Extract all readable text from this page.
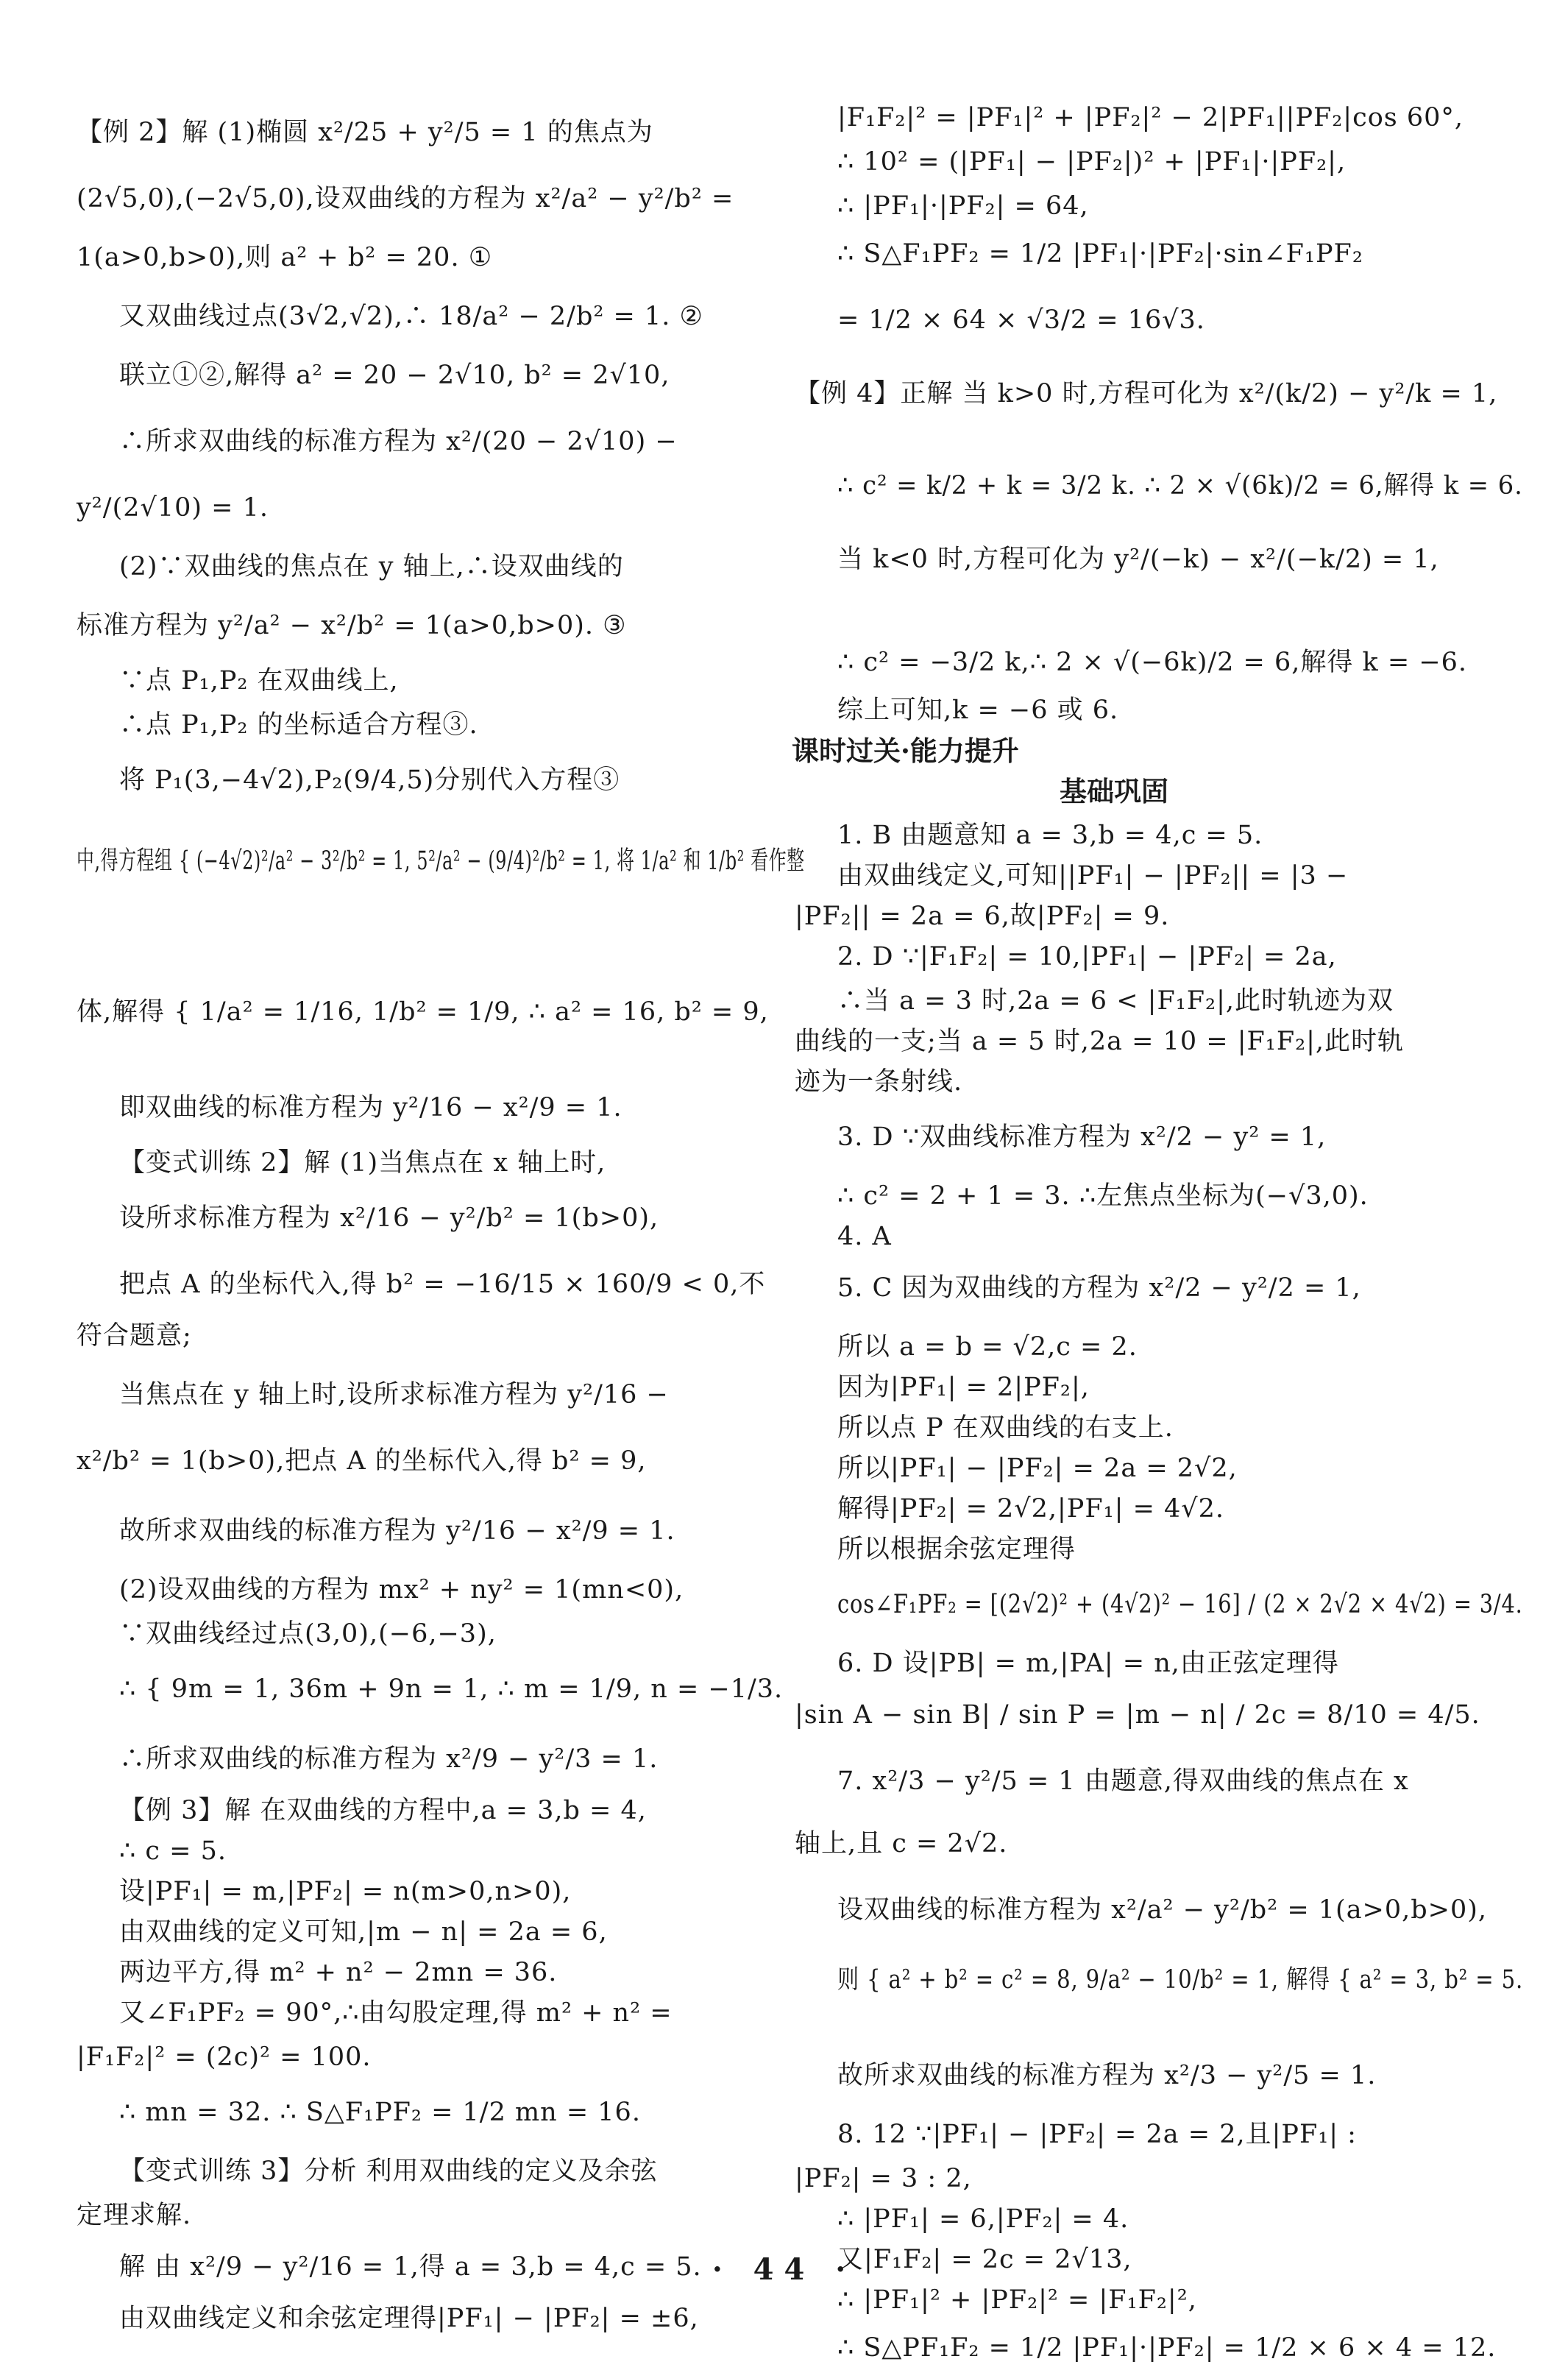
【例 2】解 (1)椭圆 x²/25 + y²/5 = 1 的焦点为
(2√5,0),(−2√5,0),设双曲线的方程为 x²/a² − y²/b² =
1(a>0,b>0),则 a² + b² = 20. ①
又双曲线过点(3√2,√2),∴ 18/a² − 2/b² = 1. ②
联立①②,解得 a² = 20 − 2√10, b² = 2√10,
∴所求双曲线的标准方程为 x²/(20 − 2√10) −
y²/(2√10) = 1.
(2)∵双曲线的焦点在 y 轴上,∴设双曲线的
标准方程为 y²/a² − x²/b² = 1(a>0,b>0). ③
∵点 P₁,P₂ 在双曲线上,
∴点 P₁,P₂ 的坐标适合方程③.
将 P₁(3,−4√2),P₂(9/4,5)分别代入方程③
中,得方程组 { (−4√2)²/a² − 3²/b² = 1, 5²/a² − (9/4)²/b² = 1, 将 1/a² 和 1/b² 看作整
体,解得 { 1/a² = 1/16, 1/b² = 1/9, ∴ a² = 16, b² = 9,
即双曲线的标准方程为 y²/16 − x²/9 = 1.
【变式训练 2】解 (1)当焦点在 x 轴上时,
设所求标准方程为 x²/16 − y²/b² = 1(b>0),
把点 A 的坐标代入,得 b² = −16/15 × 160/9 < 0,不
符合题意;
当焦点在 y 轴上时,设所求标准方程为 y²/16 −
x²/b² = 1(b>0),把点 A 的坐标代入,得 b² = 9,
故所求双曲线的标准方程为 y²/16 − x²/9 = 1.
(2)设双曲线的方程为 mx² + ny² = 1(mn<0),
∵双曲线经过点(3,0),(−6,−3),
∴ { 9m = 1, 36m + 9n = 1, ∴ m = 1/9, n = −1/3.
∴所求双曲线的标准方程为 x²/9 − y²/3 = 1.
【例 3】解 在双曲线的方程中,a = 3,b = 4,
∴ c = 5.
设|PF₁| = m,|PF₂| = n(m>0,n>0),
由双曲线的定义可知,|m − n| = 2a = 6,
两边平方,得 m² + n² − 2mn = 36.
又∠F₁PF₂ = 90°,∴由勾股定理,得 m² + n² =
|F₁F₂|² = (2c)² = 100.
∴ mn = 32. ∴ S△F₁PF₂ = 1/2 mn = 16.
【变式训练 3】分析 利用双曲线的定义及余弦
定理求解.
解 由 x²/9 − y²/16 = 1,得 a = 3,b = 4,c = 5.
由双曲线定义和余弦定理得|PF₁| − |PF₂| = ±6,
|F₁F₂|² = |PF₁|² + |PF₂|² − 2|PF₁||PF₂|cos 60°,
∴ 10² = (|PF₁| − |PF₂|)² + |PF₁|·|PF₂|,
∴ |PF₁|·|PF₂| = 64,
∴ S△F₁PF₂ = 1/2 |PF₁|·|PF₂|·sin∠F₁PF₂
= 1/2 × 64 × √3/2 = 16√3.
【例 4】正解 当 k>0 时,方程可化为 x²/(k/2) − y²/k = 1,
∴ c² = k/2 + k = 3/2 k. ∴ 2 × √(6k)/2 = 6,解得 k = 6.
当 k<0 时,方程可化为 y²/(−k) − x²/(−k/2) = 1,
∴ c² = −3/2 k,∴ 2 × √(−6k)/2 = 6,解得 k = −6.
综上可知,k = −6 或 6.
课时过关·能力提升
基础巩固
1. B 由题意知 a = 3,b = 4,c = 5.
由双曲线定义,可知||PF₁| − |PF₂|| = |3 −
|PF₂|| = 2a = 6,故|PF₂| = 9.
2. D ∵|F₁F₂| = 10,|PF₁| − |PF₂| = 2a,
∴当 a = 3 时,2a = 6 < |F₁F₂|,此时轨迹为双
曲线的一支;当 a = 5 时,2a = 10 = |F₁F₂|,此时轨
迹为一条射线.
3. D ∵双曲线标准方程为 x²/2 − y² = 1,
∴ c² = 2 + 1 = 3. ∴左焦点坐标为(−√3,0).
4. A
5. C 因为双曲线的方程为 x²/2 − y²/2 = 1,
所以 a = b = √2,c = 2.
因为|PF₁| = 2|PF₂|,
所以点 P 在双曲线的右支上.
所以|PF₁| − |PF₂| = 2a = 2√2,
解得|PF₂| = 2√2,|PF₁| = 4√2.
所以根据余弦定理得
cos∠F₁PF₂ = [(2√2)² + (4√2)² − 16] / (2 × 2√2 × 4√2) = 3/4.
6. D 设|PB| = m,|PA| = n,由正弦定理得
|sin A − sin B| / sin P = |m − n| / 2c = 8/10 = 4/5.
7. x²/3 − y²/5 = 1 由题意,得双曲线的焦点在 x
轴上,且 c = 2√2.
设双曲线的标准方程为 x²/a² − y²/b² = 1(a>0,b>0),
则 { a² + b² = c² = 8, 9/a² − 10/b² = 1, 解得 { a² = 3, b² = 5.
故所求双曲线的标准方程为 x²/3 − y²/5 = 1.
8. 12 ∵|PF₁| − |PF₂| = 2a = 2,且|PF₁| :
|PF₂| = 3 : 2,
∴ |PF₁| = 6,|PF₂| = 4.
又|F₁F₂| = 2c = 2√13,
∴ |PF₁|² + |PF₂|² = |F₁F₂|²,
∴ S△PF₁F₂ = 1/2 |PF₁|·|PF₂| = 1/2 × 6 × 4 = 12.
· 44 ·
